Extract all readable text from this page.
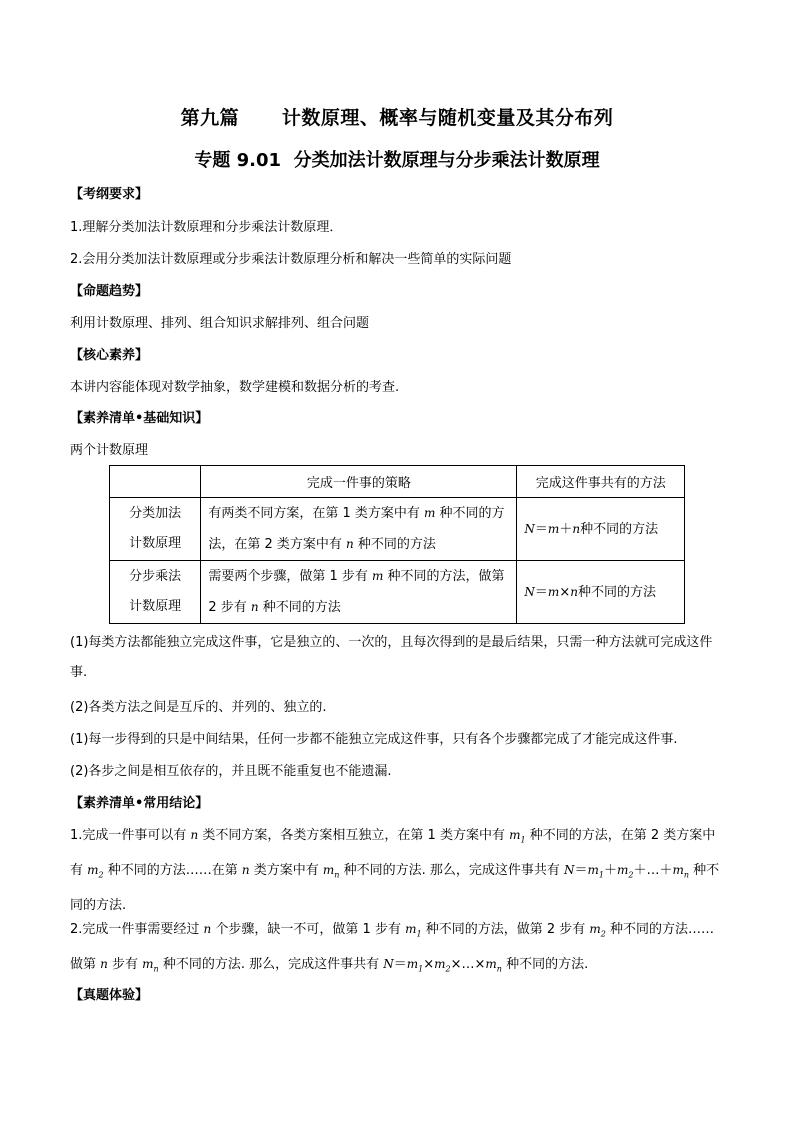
第九篇 计数原理、概率与随机变量及其分布列
专题 9.01  分类加法计数原理与分步乘法计数原理
【考纲要求】
1.理解分类加法计数原理和分步乘法计数原理．
2.会用分类加法计数原理或分步乘法计数原理分析和解决一些简单的实际问题
【命题趋势】
利用计数原理、排列、组合知识求解排列、组合问题
【核心素养】
本讲内容能体现对数学抽象，数学建模和数据分析的考查.
【素养清单•基础知识】
两个计数原理
	完成一件事的策略	完成这件事共有的方法
分类加法
计数原理	有两类不同方案，在第 1 类方案中有 m 种不同的方法，在第 2 类方案中有 n 种不同的方法	N＝m＋n种不同的方法
分步乘法
计数原理	需要两个步骤，做第 1 步有 m 种不同的方法，做第 2 步有 n 种不同的方法	N＝m×n种不同的方法
(1)每类方法都能独立完成这件事，它是独立的、一次的，且每次得到的是最后结果，只需一种方法就可完成这件事.
(2)各类方法之间是互斥的、并列的、独立的.
(1)每一步得到的只是中间结果，任何一步都不能独立完成这件事，只有各个步骤都完成了才能完成这件事.
(2)各步之间是相互依存的，并且既不能重复也不能遗漏.
【素养清单•常用结论】
1.完成一件事可以有 n 类不同方案，各类方案相互独立，在第 1 类方案中有 $m_1$ 种不同的方法，在第 2 类方案中有 $m_2$ 种不同的方法……在第 n 类方案中有 $m_n$ 种不同的方法. 那么，完成这件事共有 $N=m_1+m_2+\dots+m_n$ 种不同的方法.
2.完成一件事需要经过 n 个步骤，缺一不可，做第 1 步有 $m_1$ 种不同的方法，做第 2 步有 $m_2$ 种不同的方法……做第 n 步有 $m_n$ 种不同的方法. 那么，完成这件事共有 $N=m_1\times m_2\times\dots\times m_n$ 种不同的方法.
【真题体验】
